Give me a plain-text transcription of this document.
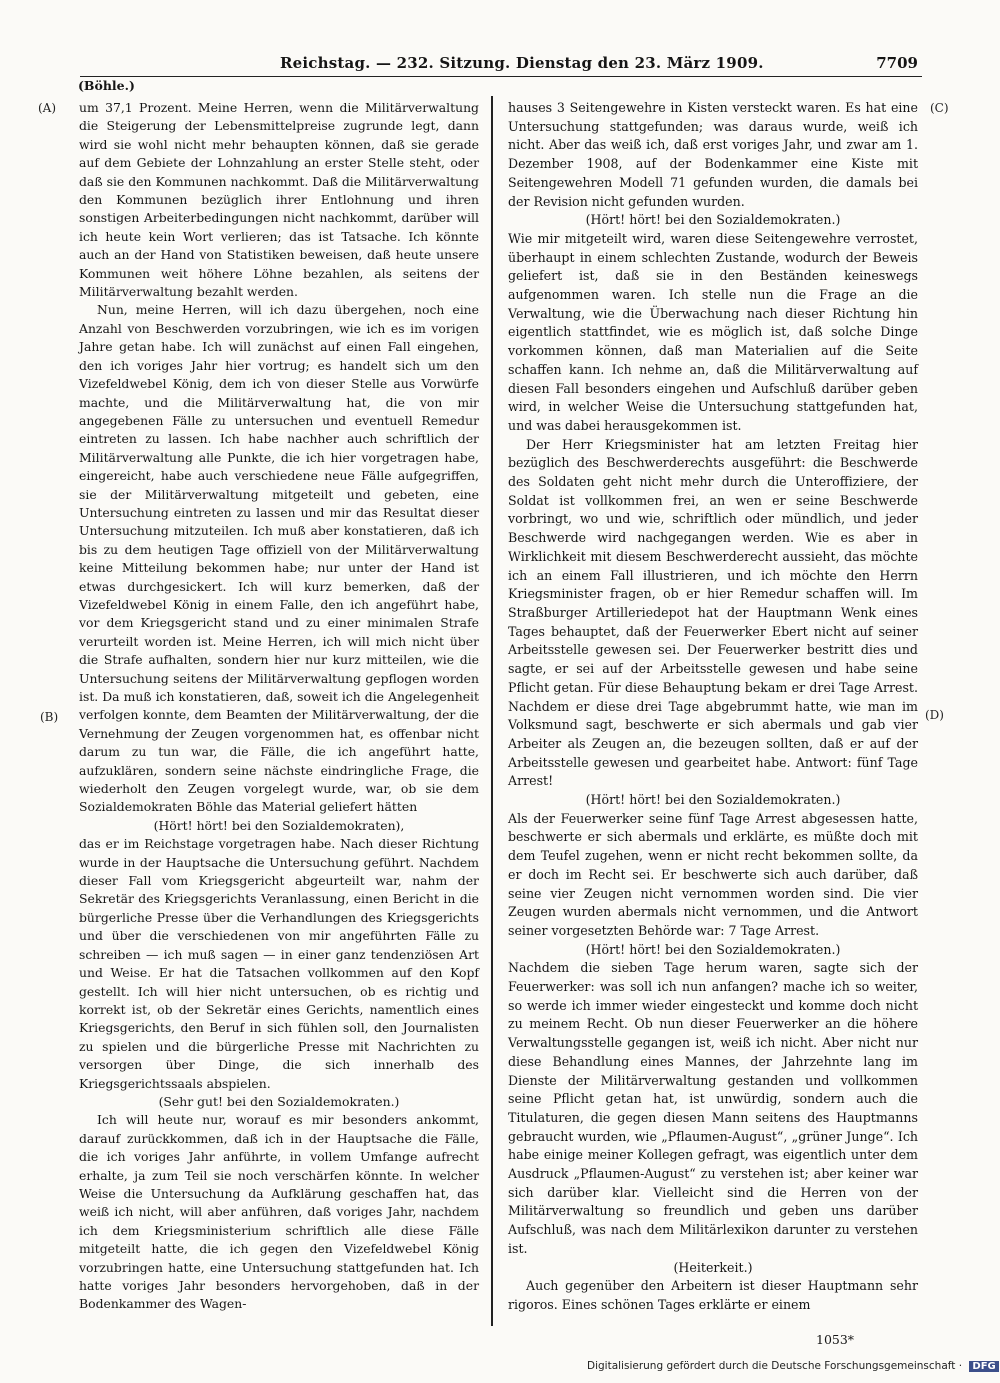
Reichstag. — 232. Sitzung. Dienstag den 23. März 1909.	7709
(Böhle.)
(A)
(B)
(C)
(D)

um 37,1 Prozent. Meine Herren, wenn die Militärverwaltung die Steigerung der Lebensmittelpreise zugrunde legt, dann wird sie wohl nicht mehr behaupten können, daß sie gerade auf dem Gebiete der Lohnzahlung an erster Stelle steht, oder daß sie den Kommunen nachkommt. Daß die Militärverwaltung den Kommunen bezüglich ihrer Entlohnung und ihren sonstigen Arbeiterbedingungen nicht nachkommt, darüber will ich heute kein Wort verlieren; das ist Tatsache. Ich könnte auch an der Hand von Statistiken beweisen, daß heute unsere Kommunen weit höhere Löhne bezahlen, als seitens der Militärverwaltung bezahlt werden.

Nun, meine Herren, will ich dazu übergehen, noch eine Anzahl von Beschwerden vorzubringen, wie ich es im vorigen Jahre getan habe. Ich will zunächst auf einen Fall eingehen, den ich voriges Jahr hier vortrug; es handelt sich um den Vizefeldwebel König, dem ich von dieser Stelle aus Vorwürfe machte, und die Militärverwaltung hat, die von mir angegebenen Fälle zu untersuchen und eventuell Remedur eintreten zu lassen. Ich habe nachher auch schriftlich der Militärverwaltung alle Punkte, die ich hier vorgetragen habe, eingereicht, habe auch verschiedene neue Fälle aufgegriffen, sie der Militärverwaltung mitgeteilt und gebeten, eine Untersuchung eintreten zu lassen und mir das Resultat dieser Untersuchung mitzuteilen. Ich muß aber konstatieren, daß ich bis zu dem heutigen Tage offiziell von der Militärverwaltung keine Mitteilung bekommen habe; nur unter der Hand ist etwas durchgesickert. Ich will kurz bemerken, daß der Vizefeldwebel König in einem Falle, den ich angeführt habe, vor dem Kriegsgericht stand und zu einer minimalen Strafe verurteilt worden ist. Meine Herren, ich will mich nicht über die Strafe aufhalten, sondern hier nur kurz mitteilen, wie die Untersuchung seitens der Militärverwaltung gepflogen worden ist. Da muß ich konstatieren, daß, soweit ich die Angelegenheit verfolgen konnte, dem Beamten der Militärverwaltung, der die Vernehmung der Zeugen vorgenommen hat, es offenbar nicht darum zu tun war, die Fälle, die ich angeführt hatte, aufzuklären, sondern seine nächste eindringliche Frage, die wiederholt den Zeugen vorgelegt wurde, war, ob sie dem Sozialdemokraten Böhle das Material geliefert hätten

(Hört! hört! bei den Sozialdemokraten),

das er im Reichstage vorgetragen habe. Nach dieser Richtung wurde in der Hauptsache die Untersuchung geführt. Nachdem dieser Fall vom Kriegsgericht abgeurteilt war, nahm der Sekretär des Kriegsgerichts Veranlassung, einen Bericht in die bürgerliche Presse über die Verhandlungen des Kriegsgerichts und über die verschiedenen von mir angeführten Fälle zu schreiben — ich muß sagen — in einer ganz tendenziösen Art und Weise. Er hat die Tatsachen vollkommen auf den Kopf gestellt. Ich will hier nicht untersuchen, ob es richtig und korrekt ist, ob der Sekretär eines Gerichts, namentlich eines Kriegsgerichts, den Beruf in sich fühlen soll, den Journalisten zu spielen und die bürgerliche Presse mit Nachrichten zu versorgen über Dinge, die sich innerhalb des Kriegsgerichtssaals abspielen.

(Sehr gut! bei den Sozialdemokraten.)

Ich will heute nur, worauf es mir besonders ankommt, darauf zurückkommen, daß ich in der Hauptsache die Fälle, die ich voriges Jahr anführte, in vollem Umfange aufrecht erhalte, ja zum Teil sie noch verschärfen könnte. In welcher Weise die Untersuchung da Aufklärung geschaffen hat, das weiß ich nicht, will aber anführen, daß voriges Jahr, nachdem ich dem Kriegsministerium schriftlich alle diese Fälle mitgeteilt hatte, die ich gegen den Vizefeldwebel König vorzubringen hatte, eine Untersuchung stattgefunden hat. Ich hatte voriges Jahr besonders hervorgehoben, daß in der Bodenkammer des Wagen-

hauses 3 Seitengewehre in Kisten versteckt waren. Es hat eine Untersuchung stattgefunden; was daraus wurde, weiß ich nicht. Aber das weiß ich, daß erst voriges Jahr, und zwar am 1. Dezember 1908, auf der Bodenkammer eine Kiste mit Seitengewehren Modell 71 gefunden wurden, die damals bei der Revision nicht gefunden wurden.

(Hört! hört! bei den Sozialdemokraten.)

Wie mir mitgeteilt wird, waren diese Seitengewehre verrostet, überhaupt in einem schlechten Zustande, wodurch der Beweis geliefert ist, daß sie in den Beständen keineswegs aufgenommen waren. Ich stelle nun die Frage an die Verwaltung, wie die Überwachung nach dieser Richtung hin eigentlich stattfindet, wie es möglich ist, daß solche Dinge vorkommen können, daß man Materialien auf die Seite schaffen kann. Ich nehme an, daß die Militärverwaltung auf diesen Fall besonders eingehen und Aufschluß darüber geben wird, in welcher Weise die Untersuchung stattgefunden hat, und was dabei herausgekommen ist.

Der Herr Kriegsminister hat am letzten Freitag hier bezüglich des Beschwerderechts ausgeführt: die Beschwerde des Soldaten geht nicht mehr durch die Unteroffiziere, der Soldat ist vollkommen frei, an wen er seine Beschwerde vorbringt, wo und wie, schriftlich oder mündlich, und jeder Beschwerde wird nachgegangen werden. Wie es aber in Wirklichkeit mit diesem Beschwerderecht aussieht, das möchte ich an einem Fall illustrieren, und ich möchte den Herrn Kriegsminister fragen, ob er hier Remedur schaffen will. Im Straßburger Artilleriedepot hat der Hauptmann Wenk eines Tages behauptet, daß der Feuerwerker Ebert nicht auf seiner Arbeitsstelle gewesen sei. Der Feuerwerker bestritt dies und sagte, er sei auf der Arbeitsstelle gewesen und habe seine Pflicht getan. Für diese Behauptung bekam er drei Tage Arrest. Nachdem er diese drei Tage abgebrummt hatte, wie man im Volksmund sagt, beschwerte er sich abermals und gab vier Arbeiter als Zeugen an, die bezeugen sollten, daß er auf der Arbeitsstelle gewesen und gearbeitet habe. Antwort: fünf Tage Arrest!

(Hört! hört! bei den Sozialdemokraten.)

Als der Feuerwerker seine fünf Tage Arrest abgesessen hatte, beschwerte er sich abermals und erklärte, es müßte doch mit dem Teufel zugehen, wenn er nicht recht bekommen sollte, da er doch im Recht sei. Er beschwerte sich auch darüber, daß seine vier Zeugen nicht vernommen worden sind. Die vier Zeugen wurden abermals nicht vernommen, und die Antwort seiner vorgesetzten Behörde war: 7 Tage Arrest.

(Hört! hört! bei den Sozialdemokraten.)

Nachdem die sieben Tage herum waren, sagte sich der Feuerwerker: was soll ich nun anfangen? mache ich so weiter, so werde ich immer wieder eingesteckt und komme doch nicht zu meinem Recht. Ob nun dieser Feuerwerker an die höhere Verwaltungsstelle gegangen ist, weiß ich nicht. Aber nicht nur diese Behandlung eines Mannes, der Jahrzehnte lang im Dienste der Militärverwaltung gestanden und vollkommen seine Pflicht getan hat, ist unwürdig, sondern auch die Titulaturen, die gegen diesen Mann seitens des Hauptmanns gebraucht wurden, wie „Pflaumen-August“, „grüner Junge“. Ich habe einige meiner Kollegen gefragt, was eigentlich unter dem Ausdruck „Pflaumen-August“ zu verstehen ist; aber keiner war sich darüber klar. Vielleicht sind die Herren von der Militärverwaltung so freundlich und geben uns darüber Aufschluß, was nach dem Militärlexikon darunter zu verstehen ist.

(Heiterkeit.)

Auch gegenüber den Arbeitern ist dieser Hauptmann sehr rigoros. Eines schönen Tages erklärte er einem

1053*
Digitalisierung gefördert durch die Deutsche Forschungsgemeinschaft · DFG
